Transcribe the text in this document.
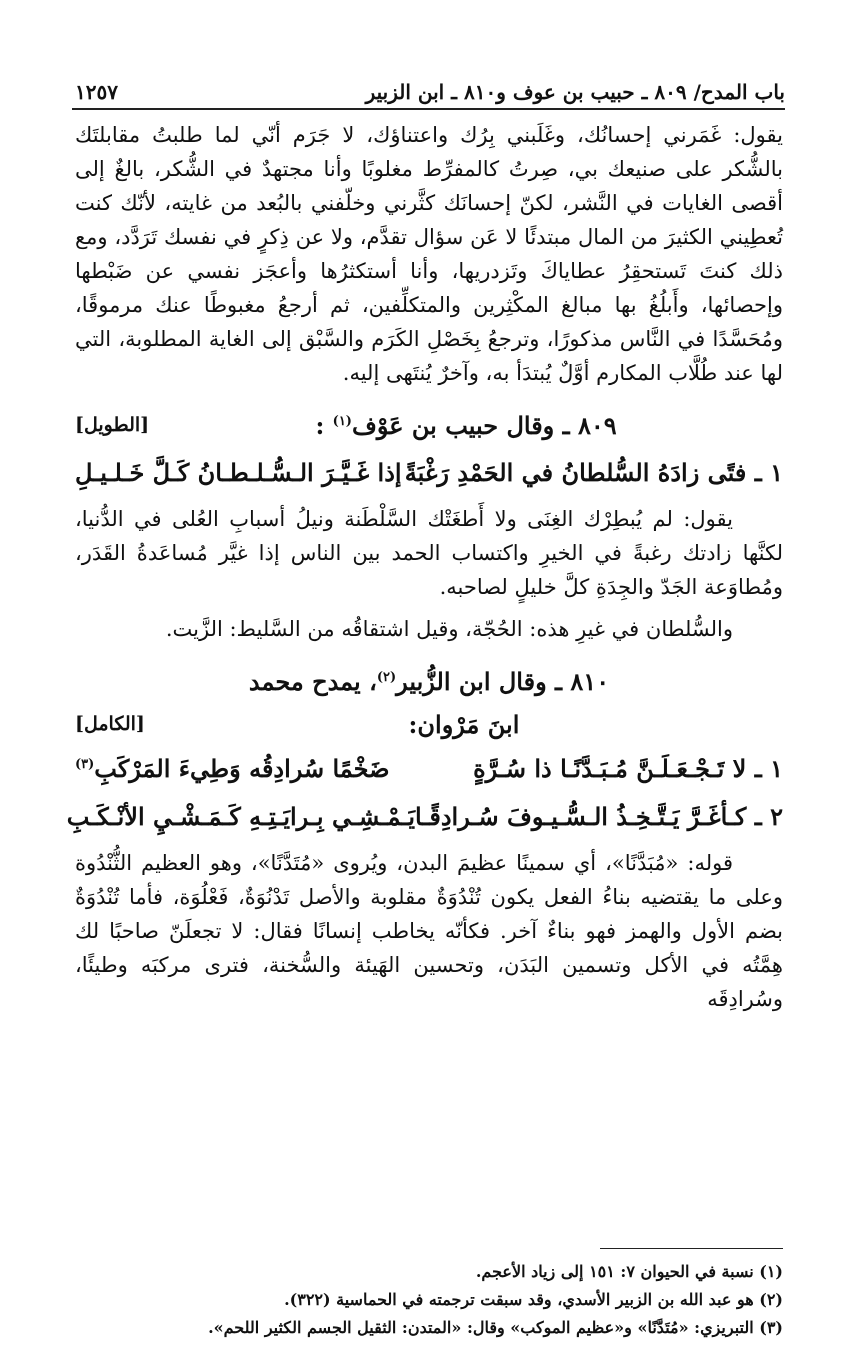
باب المدح/ ٨٠٩ ـ حبيب بن عوف و٨١٠ ـ ابن الزبير
١٢٥٧

يقول: غَمَرني إحسانُك، وغَلَبني بِرُك واعتناؤك، لا جَرَم أنّي لما طلبتُ مقابلتَك بالشُّكر على صنيعك بي، صِرتُ كالمفرِّط مغلوبًا وأنا مجتهدٌ في الشُّكر، بالغٌ إلى أقصى الغايات في النَّشر، لكنّ إحسانَك كثَّرني وخلّفني بالبُعد من غايته، لأنّك كنت تُعطِيني الكثيرَ من المال مبتدئًا لا عَن سؤال تقدَّم، ولا عن ذِكرٍ في نفسك تَرَدَّد، ومع ذلك كنتَ تَستحقِرُ عطاياكَ وتَزدريها، وأنا أستكثرُها وأعجَز نفسي عن ضَبْطها وإحصائها، وأَبلُغُ بها مبالغ المكْثِرين والمتكلِّفين، ثم أرجعُ مغبوطًا عنك مرموقًا، ومُحَسَّدًا في النَّاس مذكورًا، وترجعُ بِخَصْلِ الكَرَم والسَّبْق إلى الغاية المطلوبة، التي لها عند طُلَّاب المكارم أوَّلٌ يُبتدَأ به، وآخرٌ يُنتَهى إليه.

٨٠٩ ـ وقال حبيب بن عَوْف$^{(١)}$ :
[الطويل]
١ ـ فتًى زادَهُ السُّلطانُ في الحَمْدِ رَغْبَةً
إذا غَـيَّـرَ الـسُّـلـطـانُ كَـلَّ خَـلـيـلِ

يقول: لم يُبطِرْك الغِنَى ولا أَطغَتْك السَّلْطَنة ونيلُ أسبابِ العُلى في الدُّنيا، لكنَّها زادتك رغبةً في الخيرِ واكتساب الحمد بين الناس إذا غيَّر مُساعَدةُ القَدَر، ومُطاوَعة الجَدّ والجِدَةِ كلَّ خليلٍ لصاحبه.

والسُّلطان في غيرِ هذه: الحُجّة، وقيل اشتقاقُه من السَّليط: الزَّيت.

٨١٠ ـ وقال ابن الزُّبير$^{(٢)}$، يمدح محمد
ابنَ مَرْوان:
[الكامل]
١ ـ لا تَـجْـعَـلَـنَّ مُـبَـدَّنًـا ذا سُـرَّةٍ
ضَخْمًا سُرادِقُه وَطِيءَ المَرْكَبِ$^{(٣)}$
٢ ـ كـأغَـرَّ يَـتَّـخِـذُ الـسُّـيـوفَ سُـرادِقًـا
يَـمْـشِـي بِـرايَـتِـهِ كَـمَـشْـيِ الأنْـكَـبِ

قوله: «مُبَدَّنًا»، أي سمينًا عظيمَ البدن، ويُروى «مُتَدَّنًا»، وهو العظيم الثُّنْدُوة وعلى ما يقتضيه بناءُ الفعل يكون تُنْدُوَةٌ مقلوبة والأصل تَدْنُوَةٌ، فَعْلُوَة، فأما تُنْدُوَةٌ بضم الأول والهمز فهو بناءٌ آخر. فكأنّه يخاطب إنسانًا فقال: لا تجعلَنّ صاحبًا لك هِمَّتُه في الأكل وتسمين البَدَن، وتحسين الهَيئة والسُّخنة، فترى مركبَه وطيئًا، وسُرادِقَه

(١) نسبة في الحيوان ٧: ١٥١ إلى زياد الأعجم.
(٢) هو عبد الله بن الزبير الأسدي، وقد سبقت ترجمته في الحماسية (٣٢٢).
(٣) التبريزي: «مُتَدَّنًا» و«عظيم الموكب» وقال: «المتدن: الثقيل الجسم الكثير اللحم».
